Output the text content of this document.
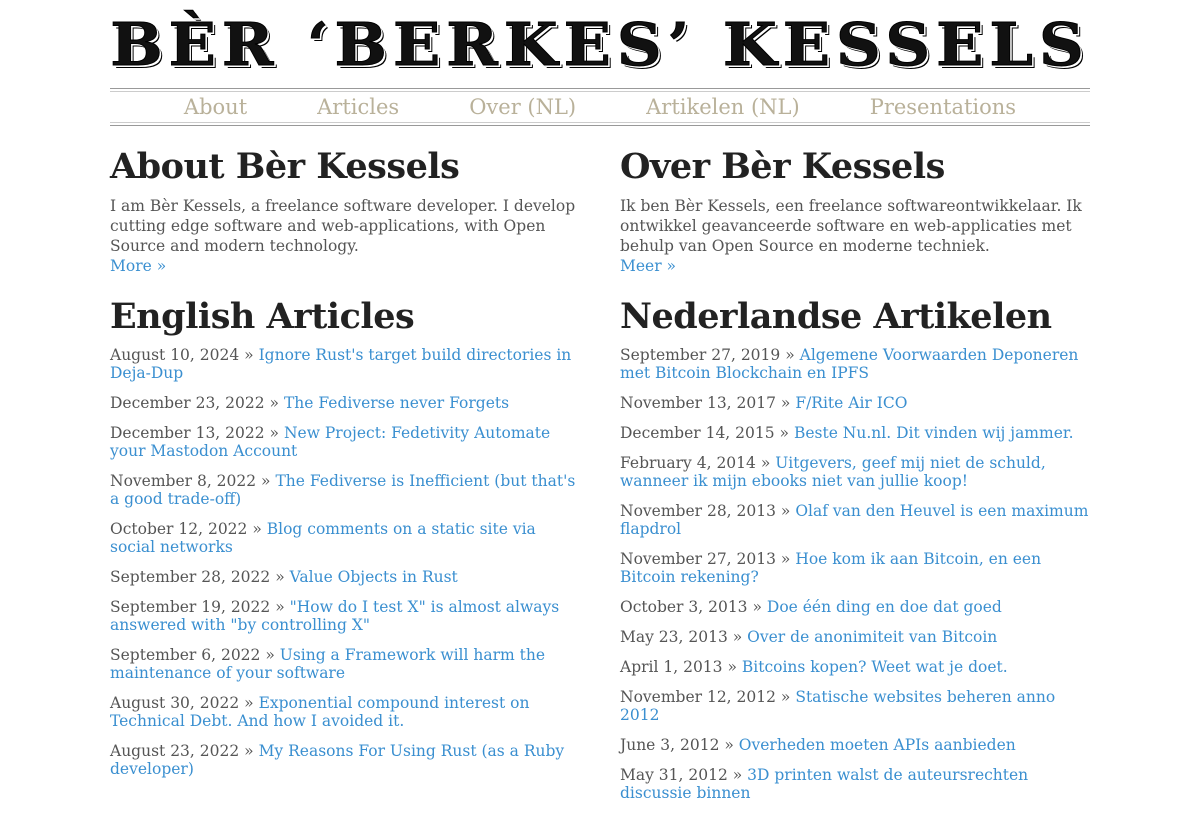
BÈR ‘BERKES’ KESSELS
About	Articles	Over (NL)	Artikelen (NL)	Presentations
About Bèr Kessels

I am Bèr Kessels, a freelance software developer. I develop cutting edge software and web-applications, with Open Source and modern technology.

More »
English Articles
August 10, 2024 » Ignore Rust's target build directories in Deja-Dup
December 23, 2022 » The Fediverse never Forgets
December 13, 2022 » New Project: Fedetivity Automate your Mastodon Account
November 8, 2022 » The Fediverse is Inefficient (but that's a good trade-off)
October 12, 2022 » Blog comments on a static site via social networks
September 28, 2022 » Value Objects in Rust
September 19, 2022 » "How do I test X" is almost always answered with "by controlling X"
September 6, 2022 » Using a Framework will harm the maintenance of your software
August 30, 2022 » Exponential compound interest on Technical Debt. And how I avoided it.
August 23, 2022 » My Reasons For Using Rust (as a Ruby developer)
Over Bèr Kessels

Ik ben Bèr Kessels, een freelance softwareontwikkelaar. Ik ontwikkel geavanceerde software en web-applicaties met behulp van Open Source en moderne techniek.

Meer »
Nederlandse Artikelen
September 27, 2019 » Algemene Voorwaarden Deponeren met Bitcoin Blockchain en IPFS
November 13, 2017 » F/Rite Air ICO
December 14, 2015 » Beste Nu.nl. Dit vinden wij jammer.
February 4, 2014 » Uitgevers, geef mij niet de schuld, wanneer ik mijn ebooks niet van jullie koop!
November 28, 2013 » Olaf van den Heuvel is een maximum flapdrol
November 27, 2013 » Hoe kom ik aan Bitcoin, en een Bitcoin rekening?
October 3, 2013 » Doe één ding en doe dat goed
May 23, 2013 » Over de anonimiteit van Bitcoin
April 1, 2013 » Bitcoins kopen? Weet wat je doet.
November 12, 2012 » Statische websites beheren anno 2012
June 3, 2012 » Overheden moeten APIs aanbieden
May 31, 2012 » 3D printen walst de auteursrechten discussie binnen
